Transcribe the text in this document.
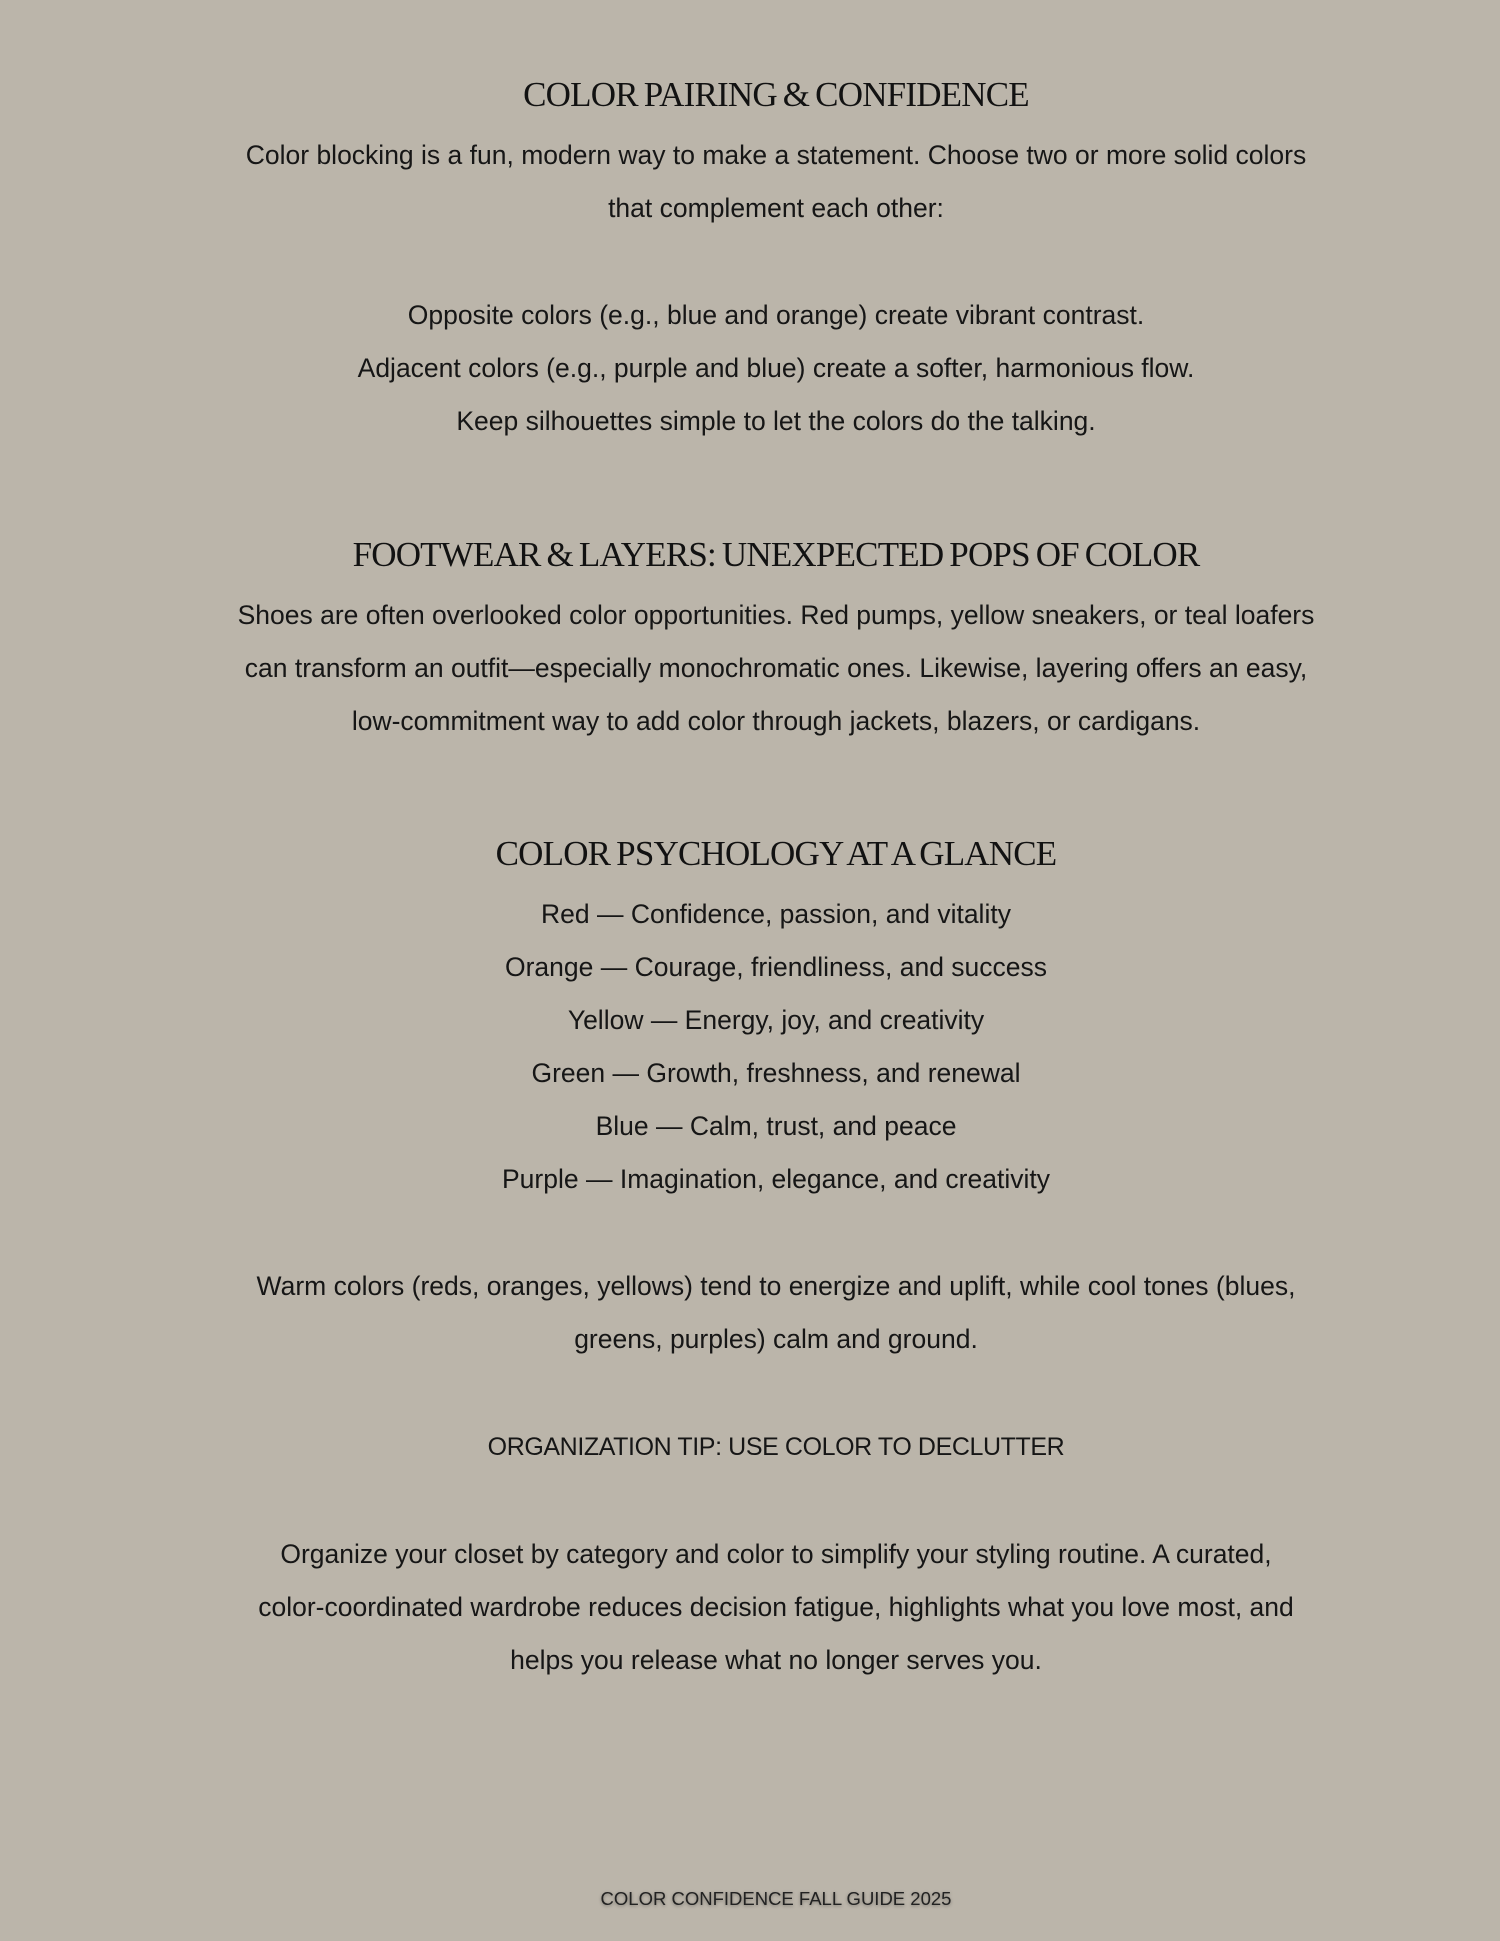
COLOR PAIRING & CONFIDENCE
Color blocking is a fun, modern way to make a statement. Choose two or more solid colors
that complement each other:
Opposite colors (e.g., blue and orange) create vibrant contrast.
Adjacent colors (e.g., purple and blue) create a softer, harmonious flow.
Keep silhouettes simple to let the colors do the talking.
FOOTWEAR & LAYERS: UNEXPECTED POPS OF COLOR
Shoes are often overlooked color opportunities. Red pumps, yellow sneakers, or teal loafers
can transform an outfit—especially monochromatic ones. Likewise, layering offers an easy,
low-commitment way to add color through jackets, blazers, or cardigans.
COLOR PSYCHOLOGY AT A GLANCE
Red — Confidence, passion, and vitality
Orange — Courage, friendliness, and success
Yellow — Energy, joy, and creativity
Green — Growth, freshness, and renewal
Blue — Calm, trust, and peace
Purple — Imagination, elegance, and creativity
Warm colors (reds, oranges, yellows) tend to energize and uplift, while cool tones (blues,
greens, purples) calm and ground.
ORGANIZATION TIP: USE COLOR TO DECLUTTER
Organize your closet by category and color to simplify your styling routine. A curated,
color-coordinated wardrobe reduces decision fatigue, highlights what you love most, and
helps you release what no longer serves you.
COLOR CONFIDENCE FALL GUIDE 2025
